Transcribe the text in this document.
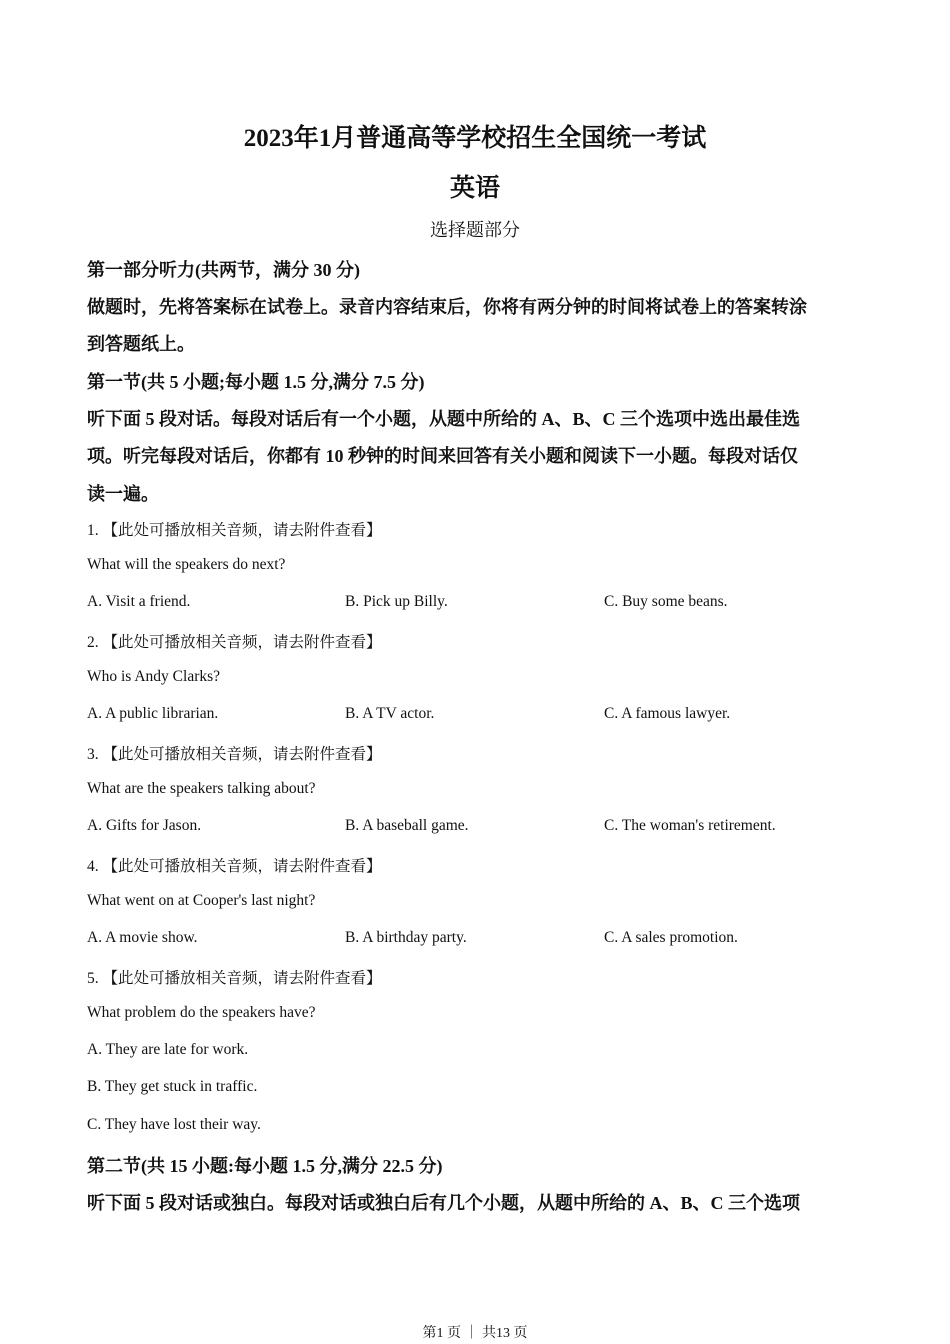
2023年1月普通高等学校招生全国统一考试
英语
选择题部分
第一部分听力(共两节，满分 30 分)
做题时，先将答案标在试卷上。录音内容结束后，你将有两分钟的时间将试卷上的答案转涂
到答题纸上。
第一节(共 5 小题;每小题 1.5 分,满分 7.5 分)
听下面 5 段对话。每段对话后有一个小题，从题中所给的 A、B、C 三个选项中选出最佳选
项。听完每段对话后，你都有 10 秒钟的时间来回答有关小题和阅读下一小题。每段对话仅
读一遍。
1. 【此处可播放相关音频，请去附件查看】
What will the speakers do next?
A. Visit a friend.	B. Pick up Billy.	C. Buy some beans.
2. 【此处可播放相关音频，请去附件查看】
Who is Andy Clarks?
A. A public librarian.	B. A TV actor.	C. A famous lawyer.
3. 【此处可播放相关音频，请去附件查看】
What are the speakers talking about?
A. Gifts for Jason.	B. A baseball game.	C. The woman's retirement.
4. 【此处可播放相关音频，请去附件查看】
What went on at Cooper's last night?
A. A movie show.	B. A birthday party.	C. A sales promotion.
5. 【此处可播放相关音频，请去附件查看】
What problem do the speakers have?
A. They are late for work.
B. They get stuck in traffic.
C. They have lost their way.
第二节(共 15 小题:每小题 1.5 分,满分 22.5 分)
听下面 5 段对话或独白。每段对话或独白后有几个小题，从题中所给的 A、B、C 三个选项
第1 页 ｜ 共13 页
